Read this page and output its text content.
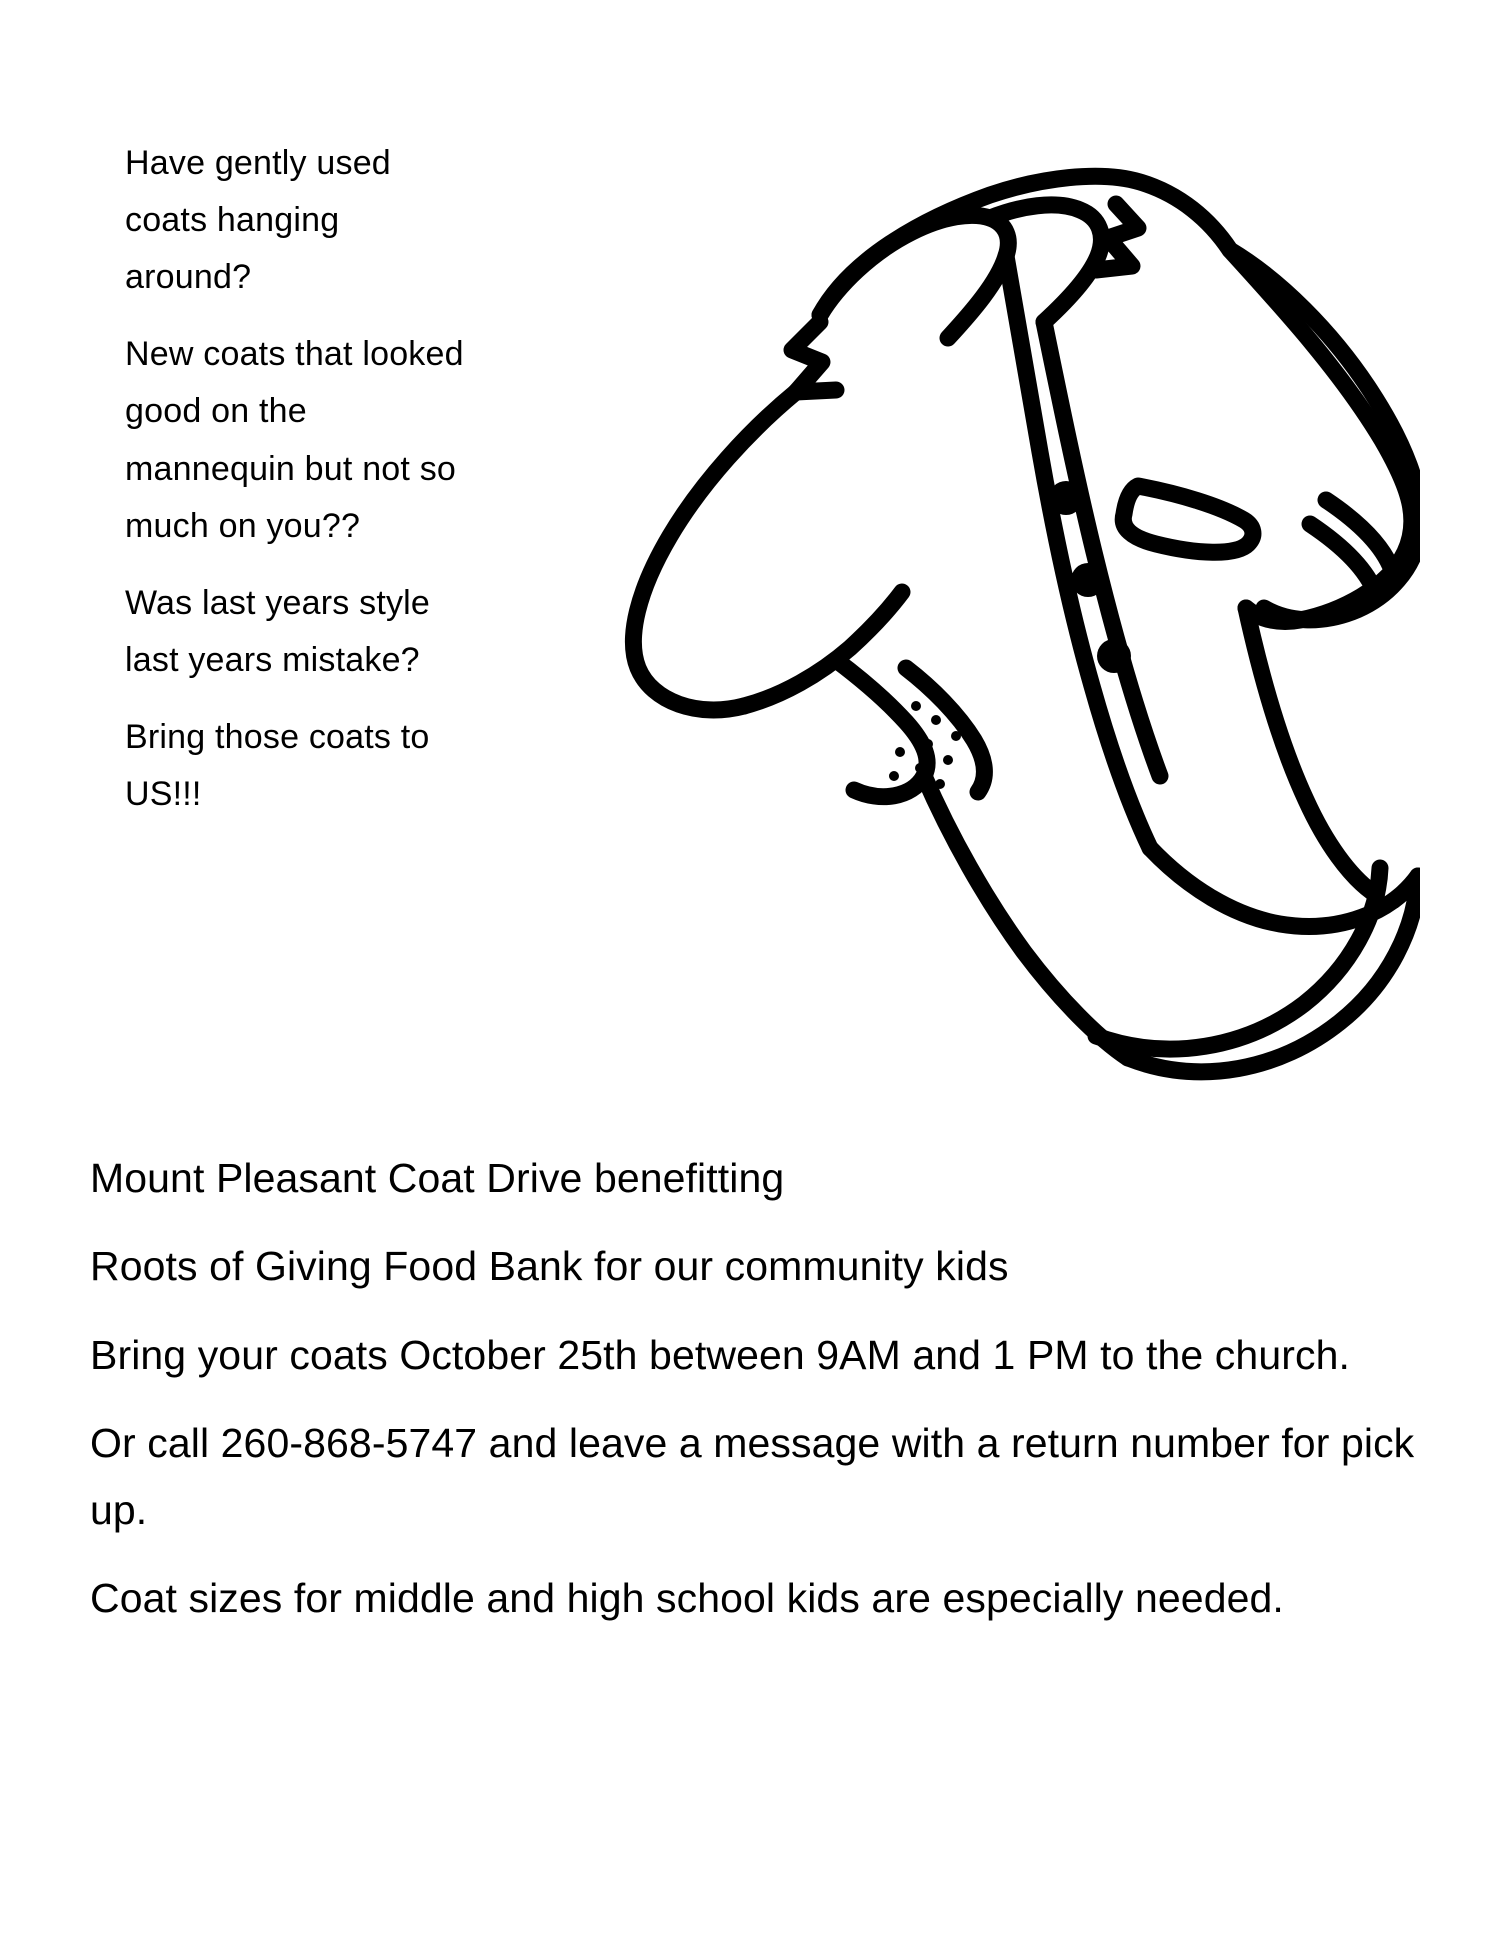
Have gently used coats hanging around?

New coats that looked good on the mannequin but not so much on you??

Was last years style last years mistake?

Bring those coats to US!!!

Mount Pleasant Coat Drive benefitting

Roots of Giving Food Bank for our community kids

Bring your coats October 25th between 9AM and 1 PM to the church.

Or call 260-868-5747 and leave a message with a return number for pick up.

Coat sizes for middle and high school kids are especially needed.
